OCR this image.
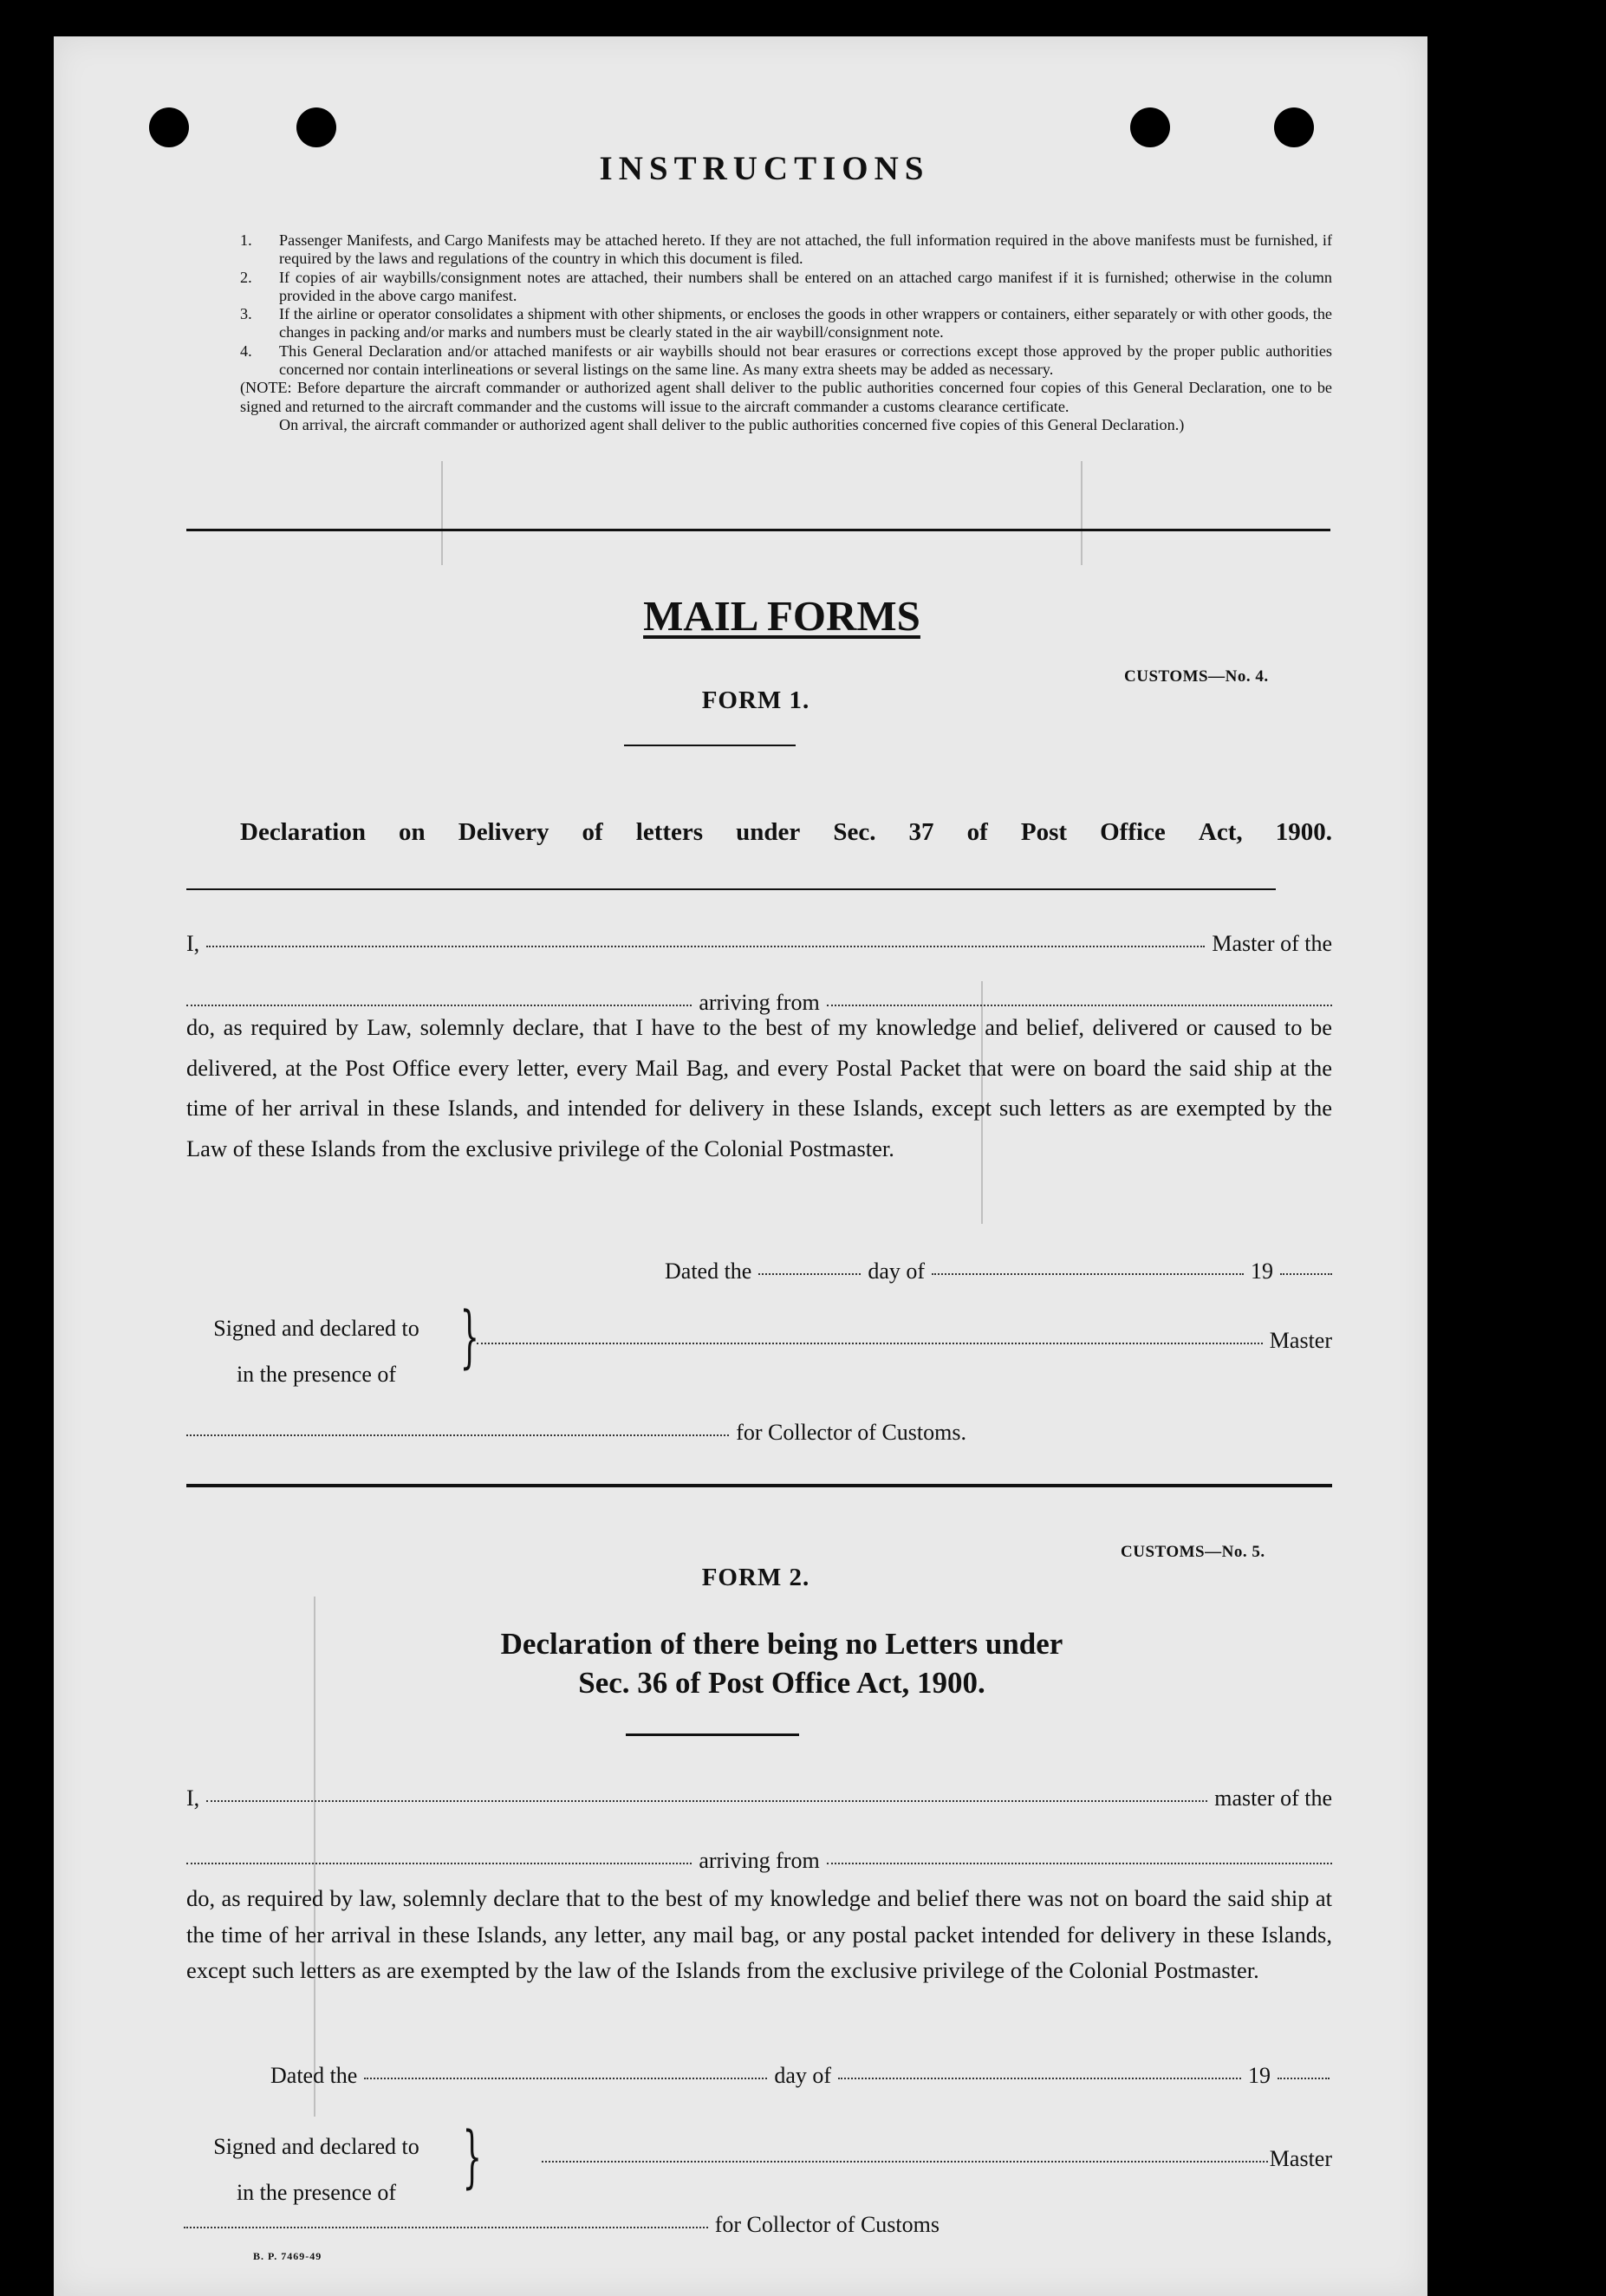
INSTRUCTIONS
1. Passenger Manifests, and Cargo Manifests may be attached hereto. If they are not attached, the full information required in the above manifests must be furnished, if required by the laws and regulations of the country in which this document is filed.
2. If copies of air waybills/consignment notes are attached, their numbers shall be entered on an attached cargo manifest if it is furnished; otherwise in the column provided in the above cargo manifest.
3. If the airline or operator consolidates a shipment with other shipments, or encloses the goods in other wrappers or containers, either separately or with other goods, the changes in packing and/or marks and numbers must be clearly stated in the air waybill/consignment note.
4. This General Declaration and/or attached manifests or air waybills should not bear erasures or corrections except those approved by the proper public authorities concerned nor contain interlineations or several listings on the same line. As many extra sheets may be added as necessary.
(NOTE: Before departure the aircraft commander or authorized agent shall deliver to the public authorities concerned four copies of this General Declaration, one to be signed and returned to the aircraft commander and the customs will issue to the aircraft commander a customs clearance certificate.
On arrival, the aircraft commander or authorized agent shall deliver to the public authorities concerned five copies of this General Declaration.)
MAIL FORMS
CUSTOMS—No. 4.
FORM 1.
Declaration on Delivery of letters under Sec. 37 of Post Office Act, 1900.
I,	Master of the
arriving from
do, as required by Law, solemnly declare, that I have to the best of my knowledge and belief, delivered or caused to be delivered, at the Post Office every letter, every Mail Bag, and every Postal Packet that were on board the said ship at the time of her arrival in these Islands, and intended for delivery in these Islands, except such letters as are exempted by the Law of these Islands from the exclusive privilege of the Colonial Postmaster.
Dated the	day of	19
Signed and declared to
in the presence of }	Master
for Collector of Customs.
CUSTOMS—No. 5.
FORM 2.
Declaration of there being no Letters under
Sec. 36 of Post Office Act, 1900.
I,	master of the
arriving from
do, as required by law, solemnly declare that to the best of my knowledge and belief there was not on board the said ship at the time of her arrival in these Islands, any letter, any mail bag, or any postal packet intended for delivery in these Islands, except such letters as are exempted by the law of the Islands from the exclusive privilege of the Colonial Postmaster.
Dated the	day of	19
Signed and declared to
in the presence of }	Master
for Collector of Customs
B. P. 7469-49
